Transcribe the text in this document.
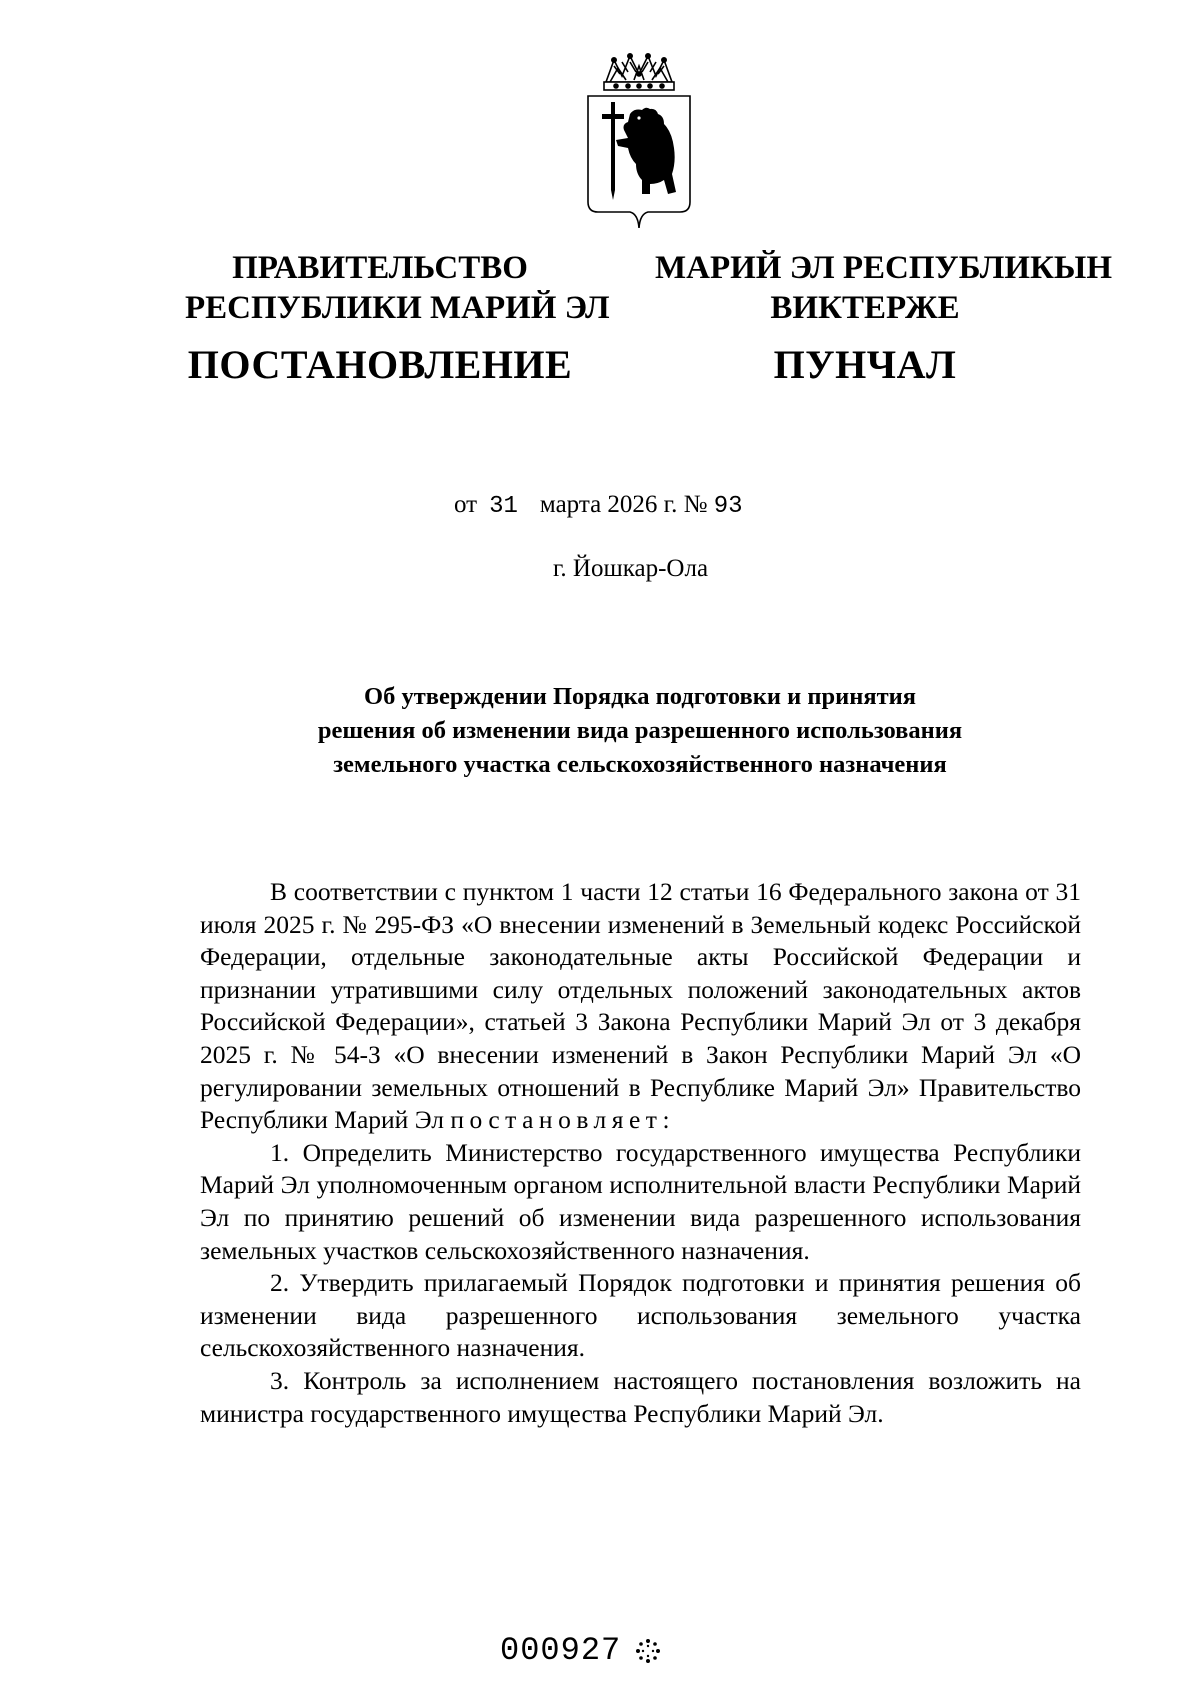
ПРАВИТЕЛЬСТВО
РЕСПУБЛИКИ МАРИЙ ЭЛ
ПОСТАНОВЛЕНИЕ
МАРИЙ ЭЛ РЕСПУБЛИКЫН
ВИКТЕРЖЕ
ПУНЧАЛ
от 31 марта 2026 г. № 93
г. Йошкар-Ола
Об утверждении Порядка подготовки и принятия
решения об изменении вида разрешенного использования
земельного участка сельскохозяйственного назначения

В соответствии с пунктом 1 части 12 статьи 16 Федерального закона от 31 июля 2025 г. № 295-ФЗ «О внесении изменений в Земельный кодекс Российской Федерации, отдельные законодательные акты Российской Федерации и признании утратившими силу отдельных положений законодательных актов Российской Федерации», статьей 3 Закона Республики Марий Эл от 3 декабря 2025 г. № 54-З «О внесении изменений в Закон Республики Марий Эл «О регулировании земельных отношений в Республике Марий Эл» Правительство Республики Марий Эл постановляет:

1. Определить Министерство государственного имущества Республики Марий Эл уполномоченным органом исполнительной власти Республики Марий Эл по принятию решений об изменении вида разрешенного использования земельных участков сельскохозяйственного назначения.

2. Утвердить прилагаемый Порядок подготовки и принятия решения об изменении вида разрешенного использования земельного участка сельскохозяйственного назначения.

3. Контроль за исполнением настоящего постановления возложить на министра государственного имущества Республики Марий Эл.

000927
